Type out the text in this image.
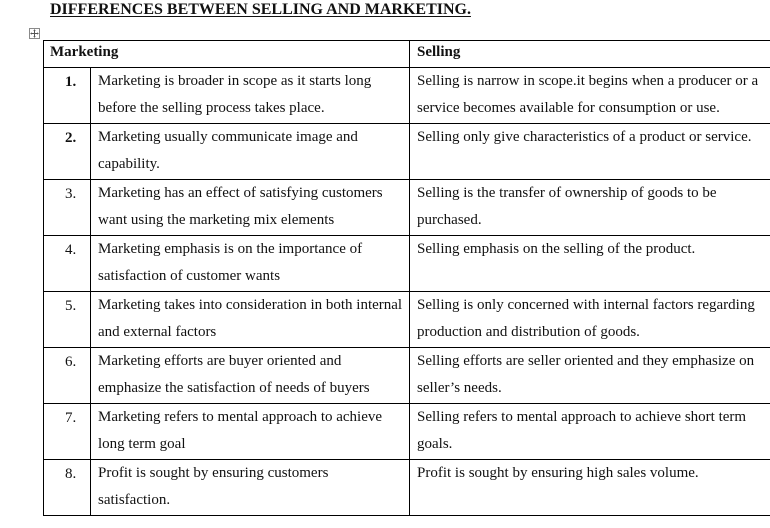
DIFFERENCES BETWEEN SELLING AND MARKETING.
Marketing		Selling

1.	Marketing is broader in scope as it starts long before the selling process takes place.	Selling is narrow in scope.it begins when a producer or a service becomes available for consumption or use.

2.	Marketing usually communicate image and capability.	Selling only give characteristics of a product or service.

3.	Marketing has an effect of satisfying customers want using the marketing mix elements	Selling is the transfer of ownership of goods to be purchased.

4.	Marketing emphasis is on the importance of satisfaction of customer wants	Selling emphasis on the selling of the product.

5.	Marketing takes into consideration in both internal and external factors	Selling is only concerned with internal factors regarding production and distribution of goods.

6.	Marketing efforts are buyer oriented and emphasize the satisfaction of needs of buyers	Selling efforts are seller oriented and they emphasize on seller’s needs.

7.	Marketing refers to mental approach to achieve long term goal	Selling refers to mental approach to achieve short term goals.

8.	Profit is sought by ensuring customers satisfaction.	Profit is sought by ensuring high sales volume.
